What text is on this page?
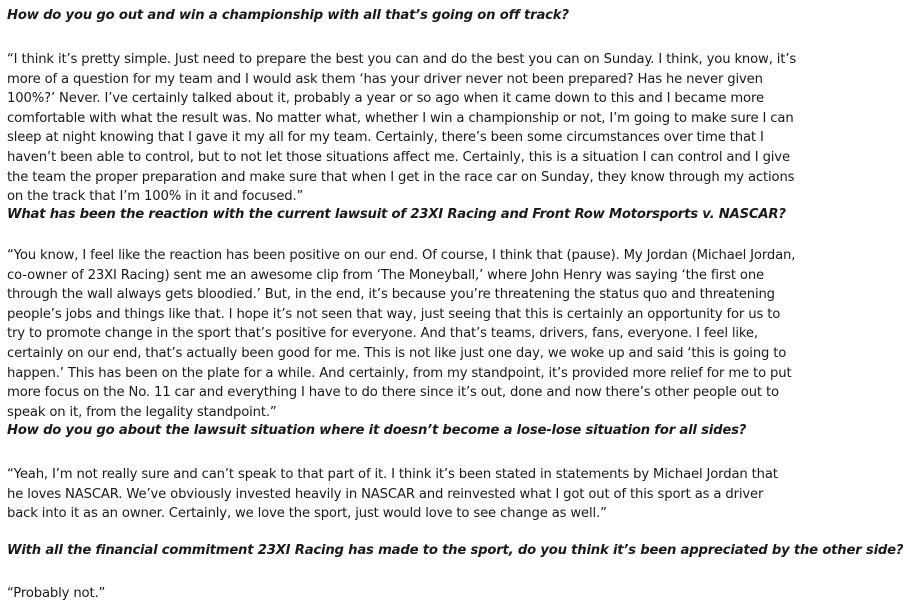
How do you go out and win a championship with all that’s going on off track?

“I think it’s pretty simple. Just need to prepare the best you can and do the best you can on Sunday. I think, you know, it’s more of a question for my team and I would ask them ‘has your driver never not been prepared? Has he never given 100%?’ Never. I’ve certainly talked about it, probably a year or so ago when it came down to this and I became more comfortable with what the result was. No matter what, whether I win a championship or not, I’m going to make sure I can sleep at night knowing that I gave it my all for my team. Certainly, there’s been some circumstances over time that I haven’t been able to control, but to not let those situations affect me. Certainly, this is a situation I can control and I give the team the proper preparation and make sure that when I get in the race car on Sunday, they know through my actions on the track that I’m 100% in it and focused.”

What has been the reaction with the current lawsuit of 23XI Racing and Front Row Motorsports v. NASCAR?

“You know, I feel like the reaction has been positive on our end. Of course, I think that (pause). My Jordan (Michael Jordan, co-owner of 23XI Racing) sent me an awesome clip from ‘The Moneyball,’ where John Henry was saying ‘the first one through the wall always gets bloodied.’ But, in the end, it’s because you’re threatening the status quo and threatening people’s jobs and things like that. I hope it’s not seen that way, just seeing that this is certainly an opportunity for us to try to promote change in the sport that’s positive for everyone. And that’s teams, drivers, fans, everyone. I feel like, certainly on our end, that’s actually been good for me. This is not like just one day, we woke up and said ‘this is going to happen.’ This has been on the plate for a while. And certainly, from my standpoint, it’s provided more relief for me to put more focus on the No. 11 car and everything I have to do there since it’s out, done and now there’s other people out to speak on it, from the legality standpoint.”

How do you go about the lawsuit situation where it doesn’t become a lose-lose situation for all sides?

“Yeah, I’m not really sure and can’t speak to that part of it. I think it’s been stated in statements by Michael Jordan that he loves NASCAR. We’ve obviously invested heavily in NASCAR and reinvested what I got out of this sport as a driver back into it as an owner. Certainly, we love the sport, just would love to see change as well.”

With all the financial commitment 23XI Racing has made to the sport, do you think it’s been appreciated by the other side?

“Probably not.”
